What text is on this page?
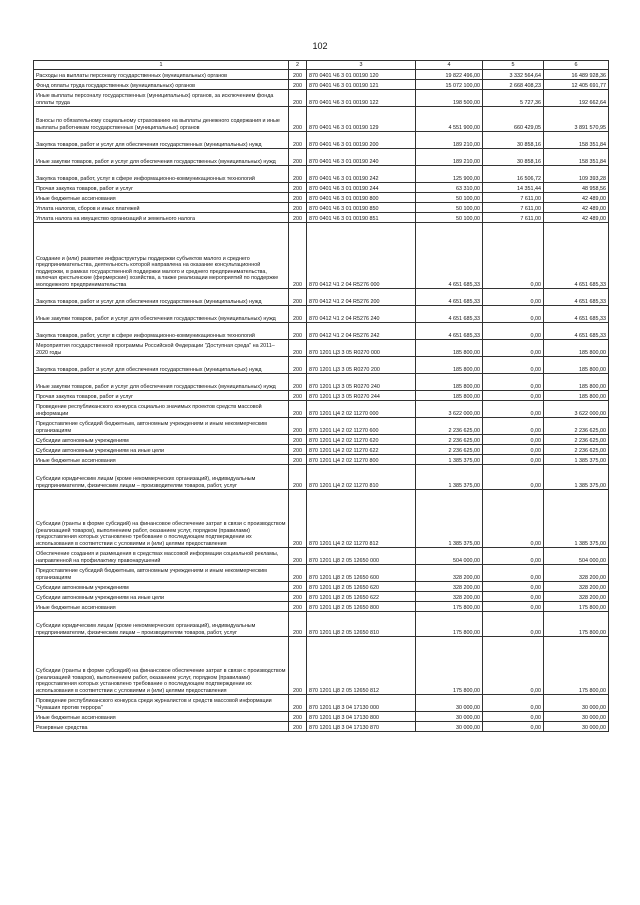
102
1	2	3	4	5	6
Расходы на выплаты персоналу государственных (муниципальных) органов	200	870 0401 Ч6 3 01 00190 120	19 822 496,00	3 332 564,64	16 489 928,36
Фонд оплаты труда государственных (муниципальных) органов	200	870 0401 Ч6 3 01 00190 121	15 072 100,00	2 668 408,23	12 405 691,77
Иные выплаты персоналу государственных (муниципальных) органов, за исключением фонда оплаты труда	200	870 0401 Ч6 3 01 00190 122	198 500,00	5 727,36	192 662,64
Взносы по обязательному социальному страхованию на выплаты денежного содержания и иные выплаты работникам государственных (муниципальных) органов	200	870 0401 Ч6 3 01 00190 129	4 551 900,00	660 429,05	3 891 570,95
Закупка товаров, работ и услуг для обеспечения государственных (муниципальных) нужд	200	870 0401 Ч6 3 01 00190 200	189 210,00	30 858,16	158 351,84
Иные закупки товаров, работ и услуг для обеспечения государственных (муниципальных) нужд	200	870 0401 Ч6 3 01 00190 240	189 210,00	30 858,16	158 351,84
Закупка товаров, работ, услуг в сфере информационно-коммуникационных технологий	200	870 0401 Ч6 3 01 00190 242	125 900,00	16 506,72	109 393,28
Прочая закупка товаров, работ и услуг	200	870 0401 Ч6 3 01 00190 244	63 310,00	14 351,44	48 958,56
Иные бюджетные ассигнования	200	870 0401 Ч6 3 01 00190 800	50 100,00	7 611,00	42 489,00
Уплата налогов, сборов и иных платежей	200	870 0401 Ч6 3 01 00190 850	50 100,00	7 611,00	42 489,00
Уплата налога на имущество организаций и земельного налога	200	870 0401 Ч6 3 01 00190 851	50 100,00	7 611,00	42 489,00
Создание и (или) развитие инфраструктуры поддержки субъектов малого и среднего предпринимательства, деятельность которой направлена на оказание консультационной поддержки, в рамках государственной поддержки малого и среднего предпринимательства, включая крестьянские (фермерские) хозяйства, а также реализации мероприятий по поддержке молодежного предпринимательства	200	870 0412 Ч1 2 04 R5276 000	4 651 685,33	0,00	4 651 685,33
Закупка товаров, работ и услуг для обеспечения государственных (муниципальных) нужд	200	870 0412 Ч1 2 04 R5276 200	4 651 685,33	0,00	4 651 685,33
Иные закупки товаров, работ и услуг для обеспечения государственных (муниципальных) нужд	200	870 0412 Ч1 2 04 R5276 240	4 651 685,33	0,00	4 651 685,33
Закупка товаров, работ, услуг в сфере информационно-коммуникационных технологий	200	870 0412 Ч1 2 04 R5276 242	4 651 685,33	0,00	4 651 685,33
Мероприятия государственной программы Российской Федерации "Доступная среда" на 2011–2020 годы	200	870 1201 Ц3 3 05 R0270 000	185 800,00	0,00	185 800,00
Закупка товаров, работ и услуг для обеспечения государственных (муниципальных) нужд	200	870 1201 Ц3 3 05 R0270 200	185 800,00	0,00	185 800,00
Иные закупки товаров, работ и услуг для обеспечения государственных (муниципальных) нужд	200	870 1201 Ц3 3 05 R0270 240	185 800,00	0,00	185 800,00
Прочая закупка товаров, работ и услуг	200	870 1201 Ц3 3 05 R0270 244	185 800,00	0,00	185 800,00
Проведение республиканского конкурса социально значимых проектов средств массовой информации	200	870 1201 Ц4 2 02 11270 000	3 622 000,00	0,00	3 622 000,00
Предоставление субсидий бюджетным, автономным учреждениям и иным некоммерческим организациям	200	870 1201 Ц4 2 02 11270 600	2 236 625,00	0,00	2 236 625,00
Субсидии автономным учреждениям	200	870 1201 Ц4 2 02 11270 620	2 236 625,00	0,00	2 236 625,00
Субсидии автономным учреждениям на иные цели	200	870 1201 Ц4 2 02 11270 622	2 236 625,00	0,00	2 236 625,00
Иные бюджетные ассигнования	200	870 1201 Ц4 2 02 11270 800	1 385 375,00	0,00	1 385 375,00
Субсидии юридическим лицам (кроме некоммерческих организаций), индивидуальным предпринимателям, физическим лицам – производителям товаров, работ, услуг	200	870 1201 Ц4 2 02 11270 810	1 385 375,00	0,00	1 385 375,00
Субсидии (гранты в форме субсидий) на финансовое обеспечение затрат в связи с производством (реализацией товаров), выполнением работ, оказанием услуг, порядком (правилами) предоставления которых установлено требование о последующем подтверждении их использования в соответствии с условиями и (или) целями предоставления	200	870 1201 Ц4 2 02 11270 812	1 385 375,00	0,00	1 385 375,00
Обеспечение создания и размещения в средствах массовой информации социальной рекламы, направленной на профилактику правонарушений	200	870 1201 Ц8 2 05 12650 000	504 000,00	0,00	504 000,00
Предоставление субсидий бюджетным, автономным учреждениям и иным некоммерческим организациям	200	870 1201 Ц8 2 05 12650 600	328 200,00	0,00	328 200,00
Субсидии автономным учреждениям	200	870 1201 Ц8 2 05 12650 620	328 200,00	0,00	328 200,00
Субсидии автономным учреждениям на иные цели	200	870 1201 Ц8 2 05 12650 622	328 200,00	0,00	328 200,00
Иные бюджетные ассигнования	200	870 1201 Ц8 2 05 12650 800	175 800,00	0,00	175 800,00
Субсидии юридическим лицам (кроме некоммерческих организаций), индивидуальным предпринимателям, физическим лицам – производителям товаров, работ, услуг	200	870 1201 Ц8 2 05 12650 810	175 800,00	0,00	175 800,00
Субсидии (гранты в форме субсидий) на финансовое обеспечение затрат в связи с производством (реализацией товаров), выполнением работ, оказанием услуг, порядком (правилами) предоставления которых установлено требование о последующем подтверждении их использования в соответствии с условиями и (или) целями предоставления	200	870 1201 Ц8 2 05 12650 812	175 800,00	0,00	175 800,00
Проведение республиканского конкурса среди журналистов и средств массовой информации "Чувашия против террора"	200	870 1201 Ц8 3 04 17130 000	30 000,00	0,00	30 000,00
Иные бюджетные ассигнования	200	870 1201 Ц8 3 04 17130 800	30 000,00	0,00	30 000,00
Резервные средства	200	870 1201 Ц8 3 04 17130 870	30 000,00	0,00	30 000,00
